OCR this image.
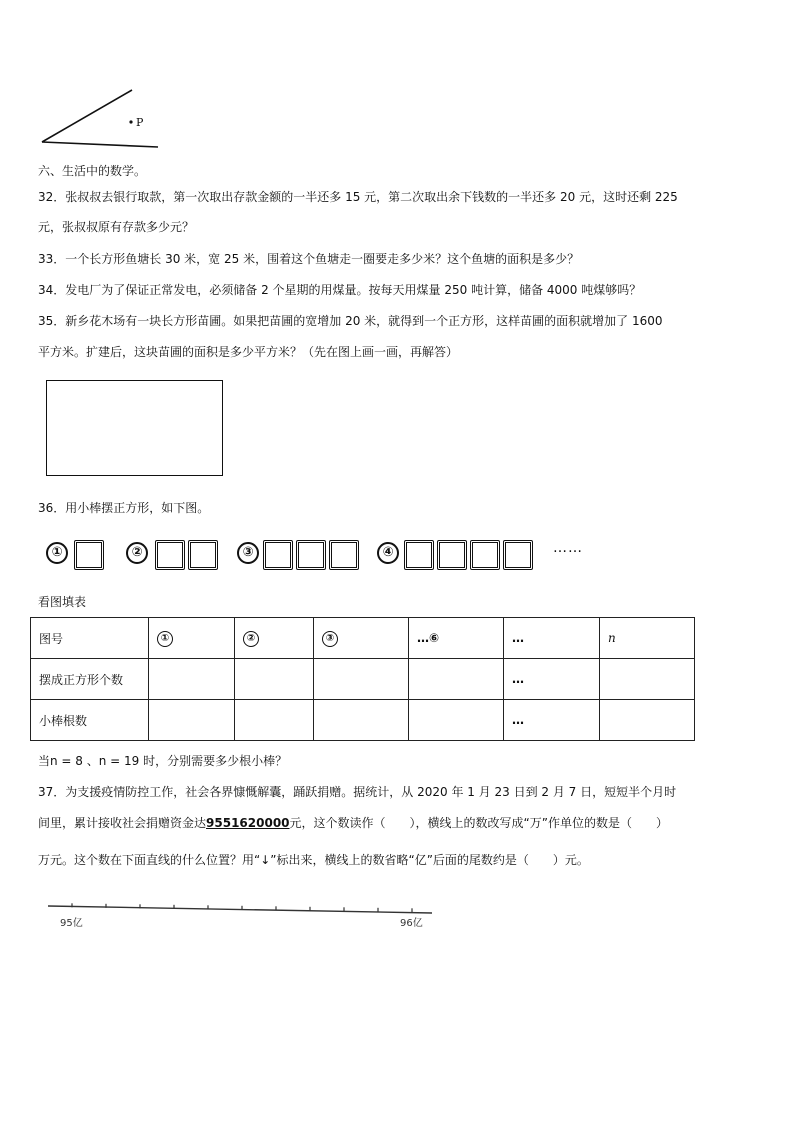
P
六、生活中的数学。
32．张叔叔去银行取款，第一次取出存款金额的一半还多 15 元，第二次取出余下钱数的一半还多 20 元，这时还剩 225
元，张叔叔原有存款多少元？
33．一个长方形鱼塘长 30 米，宽 25 米，围着这个鱼塘走一圈要走多少米？这个鱼塘的面积是多少？
34．发电厂为了保证正常发电，必须储备 2 个星期的用煤量。按每天用煤量 250 吨计算，储备 4000 吨煤够吗？
35．新乡花木场有一块长方形苗圃。如果把苗圃的宽增加 20 米，就得到一个正方形，这样苗圃的面积就增加了 1600
平方米。扩建后，这块苗圃的面积是多少平方米？（先在图上画一画，再解答）
36．用小棒摆正方形，如下图。
①	②	③	④	……
看图填表
图号	①	②	③	…⑥	…	n
摆成正方形个数					…	
小棒根数					…	
当n = 8 、n = 19 时，分别需要多少根小棒？
37．为支援疫情防控工作，社会各界慷慨解囊，踊跃捐赠。据统计，从 2020 年 1 月 23 日到 2 月 7 日，短短半个月时
间里，累计接收社会捐赠资金达9551620000元，这个数读作（　　），横线上的数改写成“万”作单位的数是（　　）
万元。这个数在下面直线的什么位置？用“↓”标出来，横线上的数省略“亿”后面的尾数约是（　　）元。
95亿	96亿
